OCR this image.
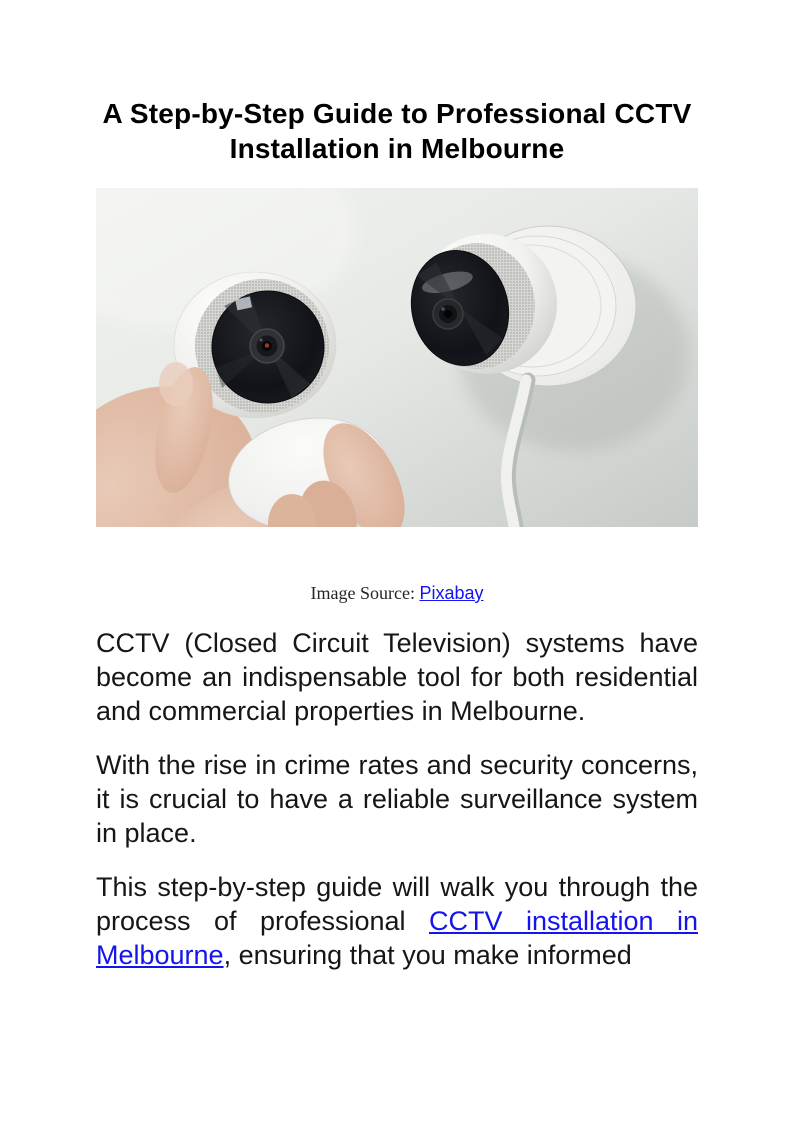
A Step-by-Step Guide to Professional CCTV Installation in Melbourne
Image Source: Pixabay

CCTV (Closed Circuit Television) systems have become an indispensable tool for both residential and commercial properties in Melbourne.

With the rise in crime rates and security concerns, it is crucial to have a reliable surveillance system in place.

This step-by-step guide will walk you through the process of professional CCTV installation in Melbourne, ensuring that you make informed
